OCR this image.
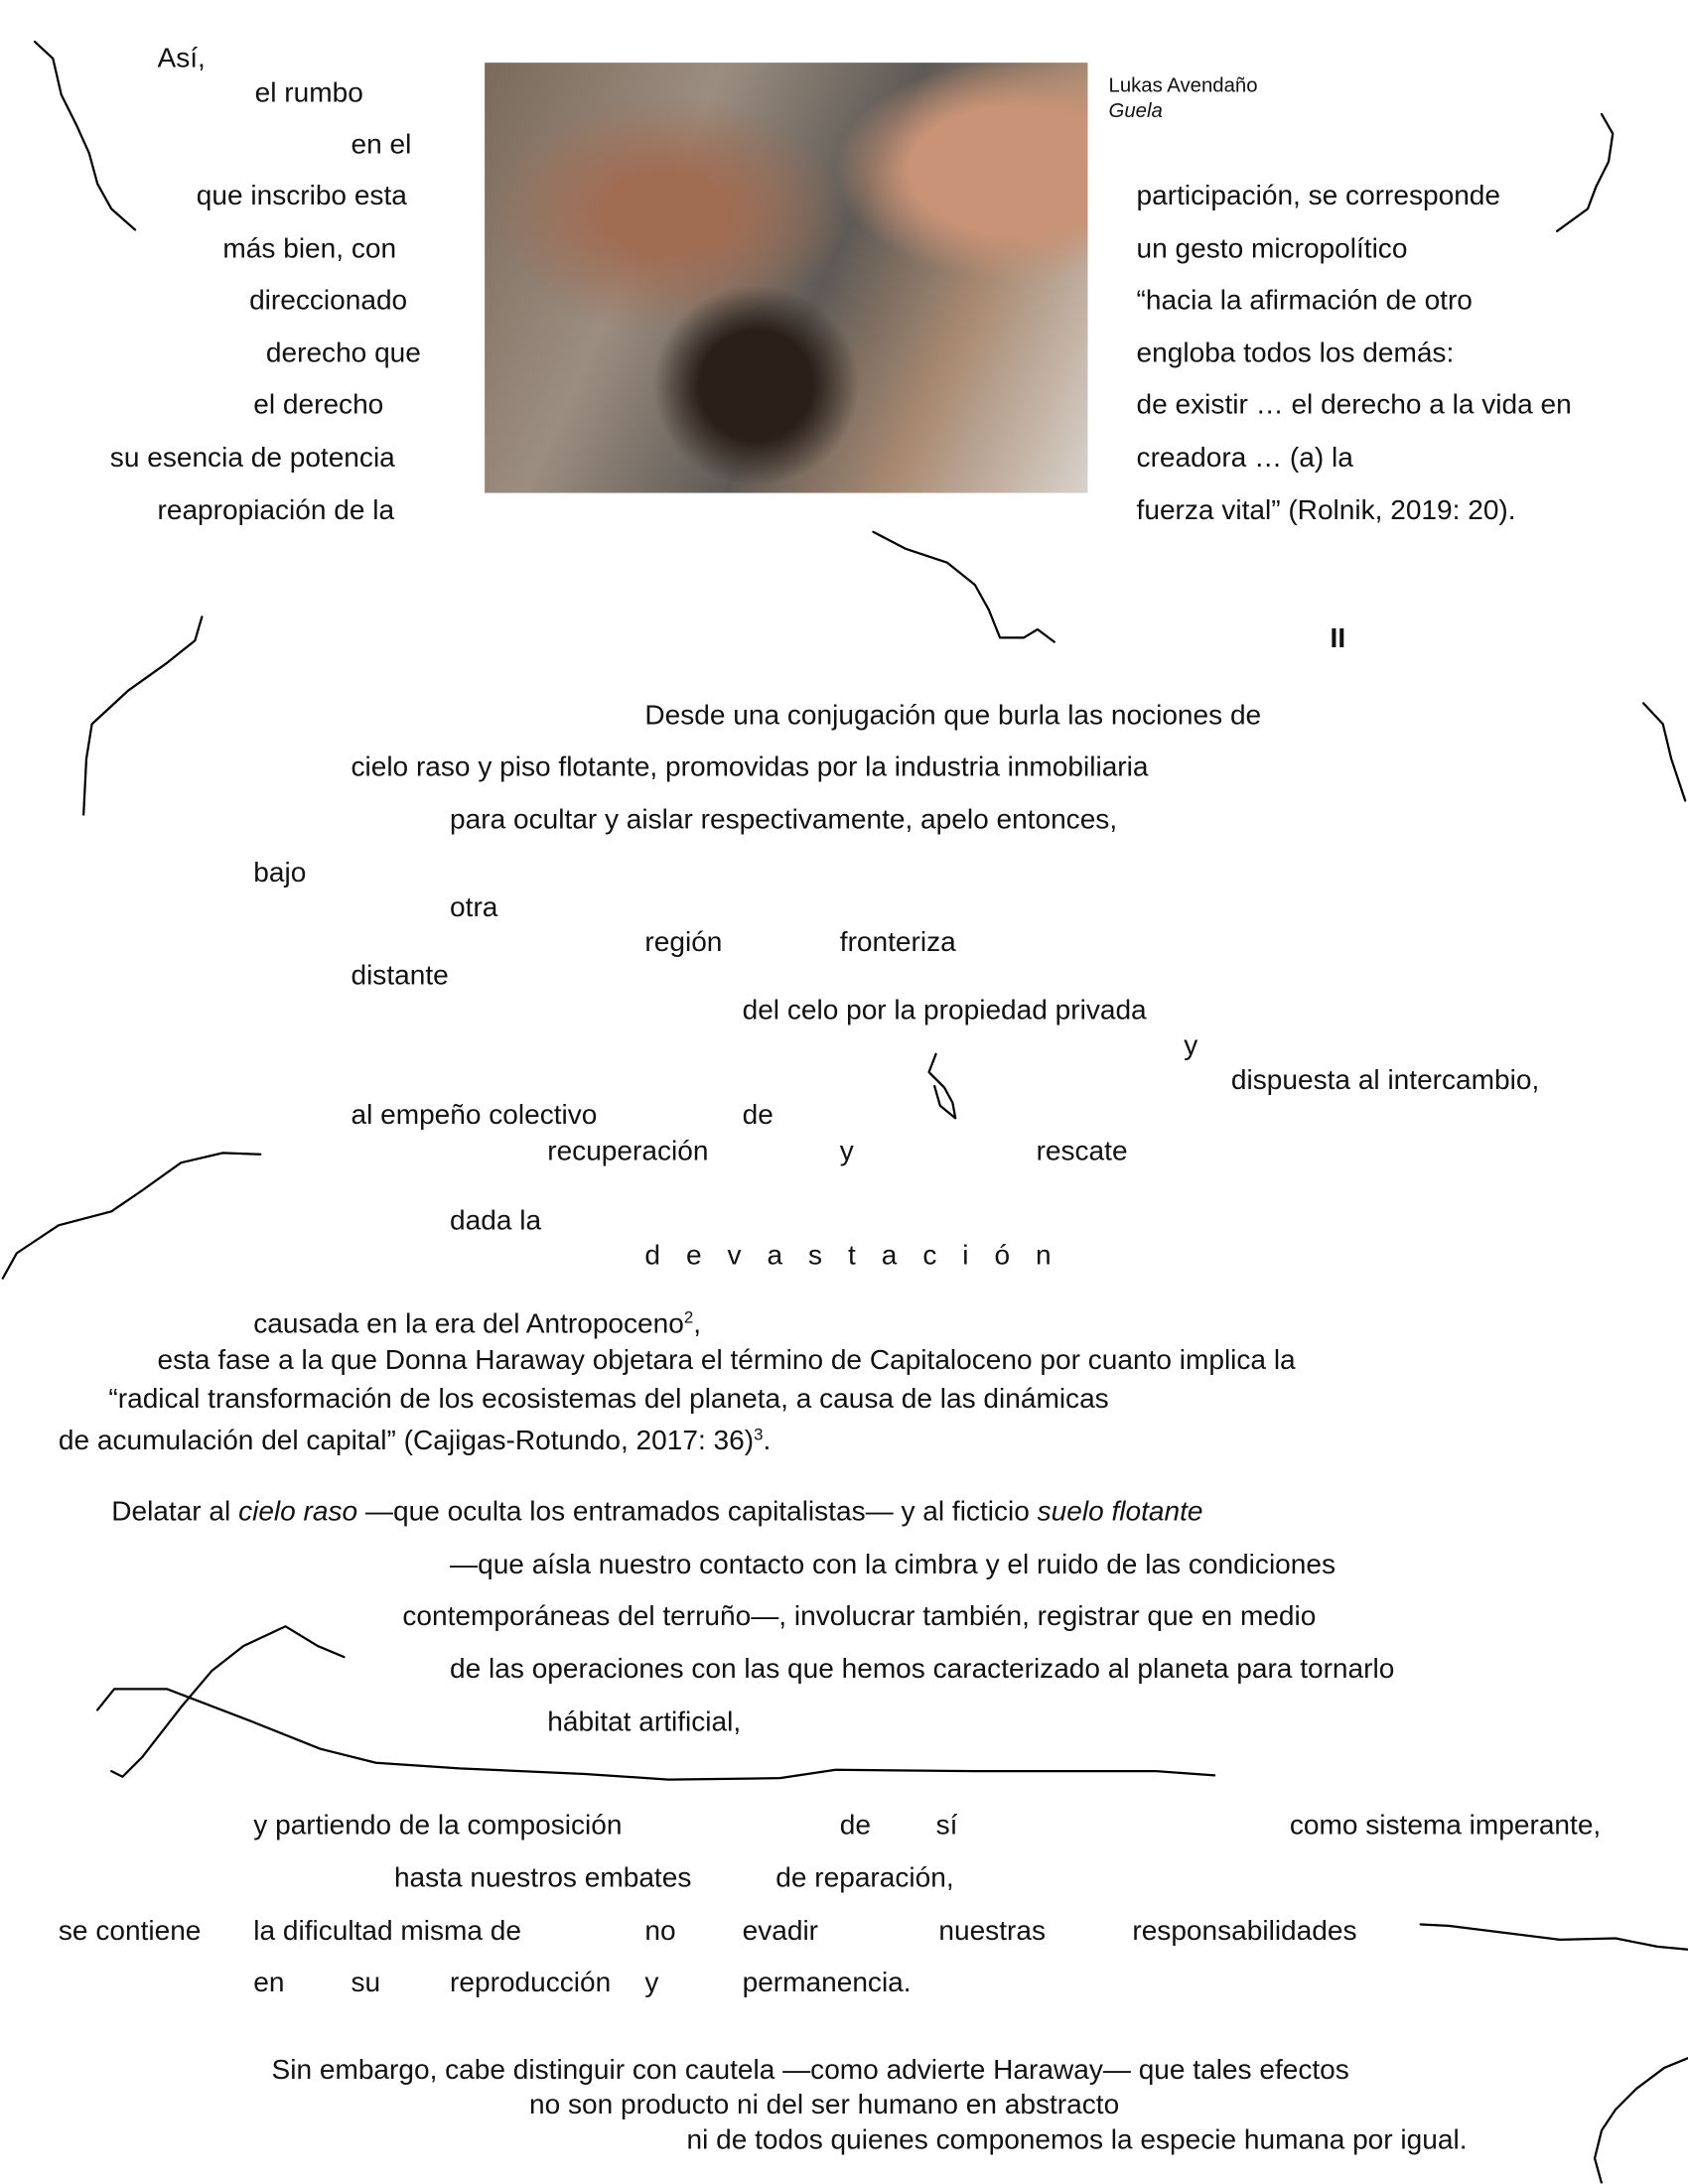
Lukas Avendaño
Guela
Así,
el rumbo
en el
que inscribo esta
más bien, con
direccionado
derecho que
el derecho
su esencia de potencia
reapropiación de la
participación, se corresponde
un gesto micropolítico
“hacia la afirmación de otro
engloba todos los demás:
de existir … el derecho a la vida en
creadora … (a) la
fuerza vital” (Rolnik, 2019: 20).
II
Desde una conjugación que burla las nociones de
cielo raso y piso flotante, promovidas por la industria inmobiliaria
para ocultar y aislar respectivamente, apelo entonces,
bajo
otra
región	fronteriza
distante
del celo por la propiedad privada
y
dispuesta al intercambio,
al empeño colectivo	de
recuperación	y	rescate
dada la
devastación
causada en la era del Antropoceno$^2$,
esta fase a la que Donna Haraway objetara el término de Capitaloceno por cuanto implica la
“radical transformación de los ecosistemas del planeta, a causa de las dinámicas
de acumulación del capital” (Cajigas-Rotundo, 2017: 36)$^3$.
Delatar al cielo raso —que oculta los entramados capitalistas— y al ficticio suelo flotante
—que aísla nuestro contacto con la cimbra y el ruido de las condiciones
contemporáneas del terruño—, involucrar también, registrar que en medio
de las operaciones con las que hemos caracterizado al planeta para tornarlo
hábitat artificial,
y partiendo de la composición	de	sí	como sistema imperante,
hasta nuestros embates	de reparación,
se contiene	la dificultad misma de	no	evadir	nuestras	responsabilidades
en	su	reproducción y	permanencia.
Sin embargo, cabe distinguir con cautela —como advierte Haraway— que tales efectos
no son producto ni del ser humano en abstracto
ni de todos quienes componemos la especie humana por igual.
